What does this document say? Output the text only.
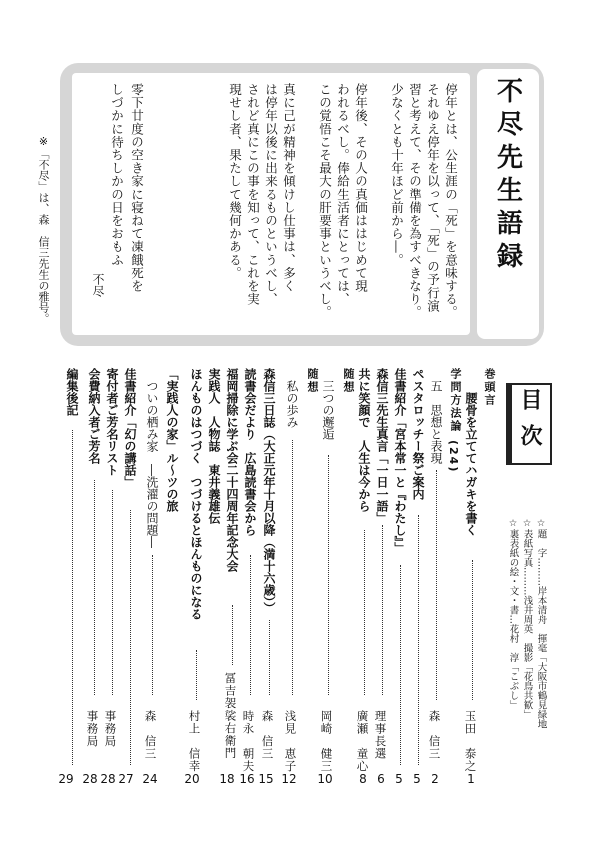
不尽先生語録
停年とは、公生涯の「死」を意味する。
それゆえ停年を以って、「死」の予行演
習と考えて、その準備を為すべきなり。
少なくとも十年ほど前から―。
停年後、その人の真価ははじめて現
われるべし。俸給生活者にとっては、
この覚悟こそ最大の肝要事というべし。
真に己が精神を傾けし仕事は、多く
は停年以後に出来るものというべし、
されど真にこの事を知って、これを実
現せし者、果たして幾何かある。
零下廿度の空き家に寝ねて凍餓死を
しづかに待ちしかの日をおもふ
不尽
※「不尽」は、森　信三先生の雅号。
目次
☆題　字………岸本清舟　揮毫「大阪市鶴見緑地
☆表紙写真………浅井周英　撮影「花鳥共歓」
☆裏表紙の絵・文・書…花村　淳「こぶし」
巻頭言
腰骨を立ててハガキを書く
玉田　泰之
1
学問方法論
(24)
五　思想と表現
森　信三
2
ペスタロッチー祭ご案内
5
佳書紹介「宮本常一と『わたし』」
5
森信三先生真言「一日一語」
理事長選
6
共に笑顔で　人生は今から
廣瀬　童心
8
随想
三つの邂逅
岡崎　健三
10
随想
私の歩み
浅見　恵子
12
森信三日誌（大正元年十月以降（満十六歳））
森　信三
15
読書会だより　広島読書会から
時永　朝夫
16
福岡掃除に学ぶ会二十四周年記念大会
冨吉袈裟右衛門
18
実践人　人物誌　東井義雄伝
ほんものはつづく　つづけるとほんものになる
村上　信幸
20
「実践人の家」ル～ツの旅
ついの栖み家　―洗濯の問題―
森　信三
24
佳書紹介「幻の講話」
27
寄付者ご芳名リスト
事務局
28
会費納入者ご芳名
事務局
28
編集後記
29
